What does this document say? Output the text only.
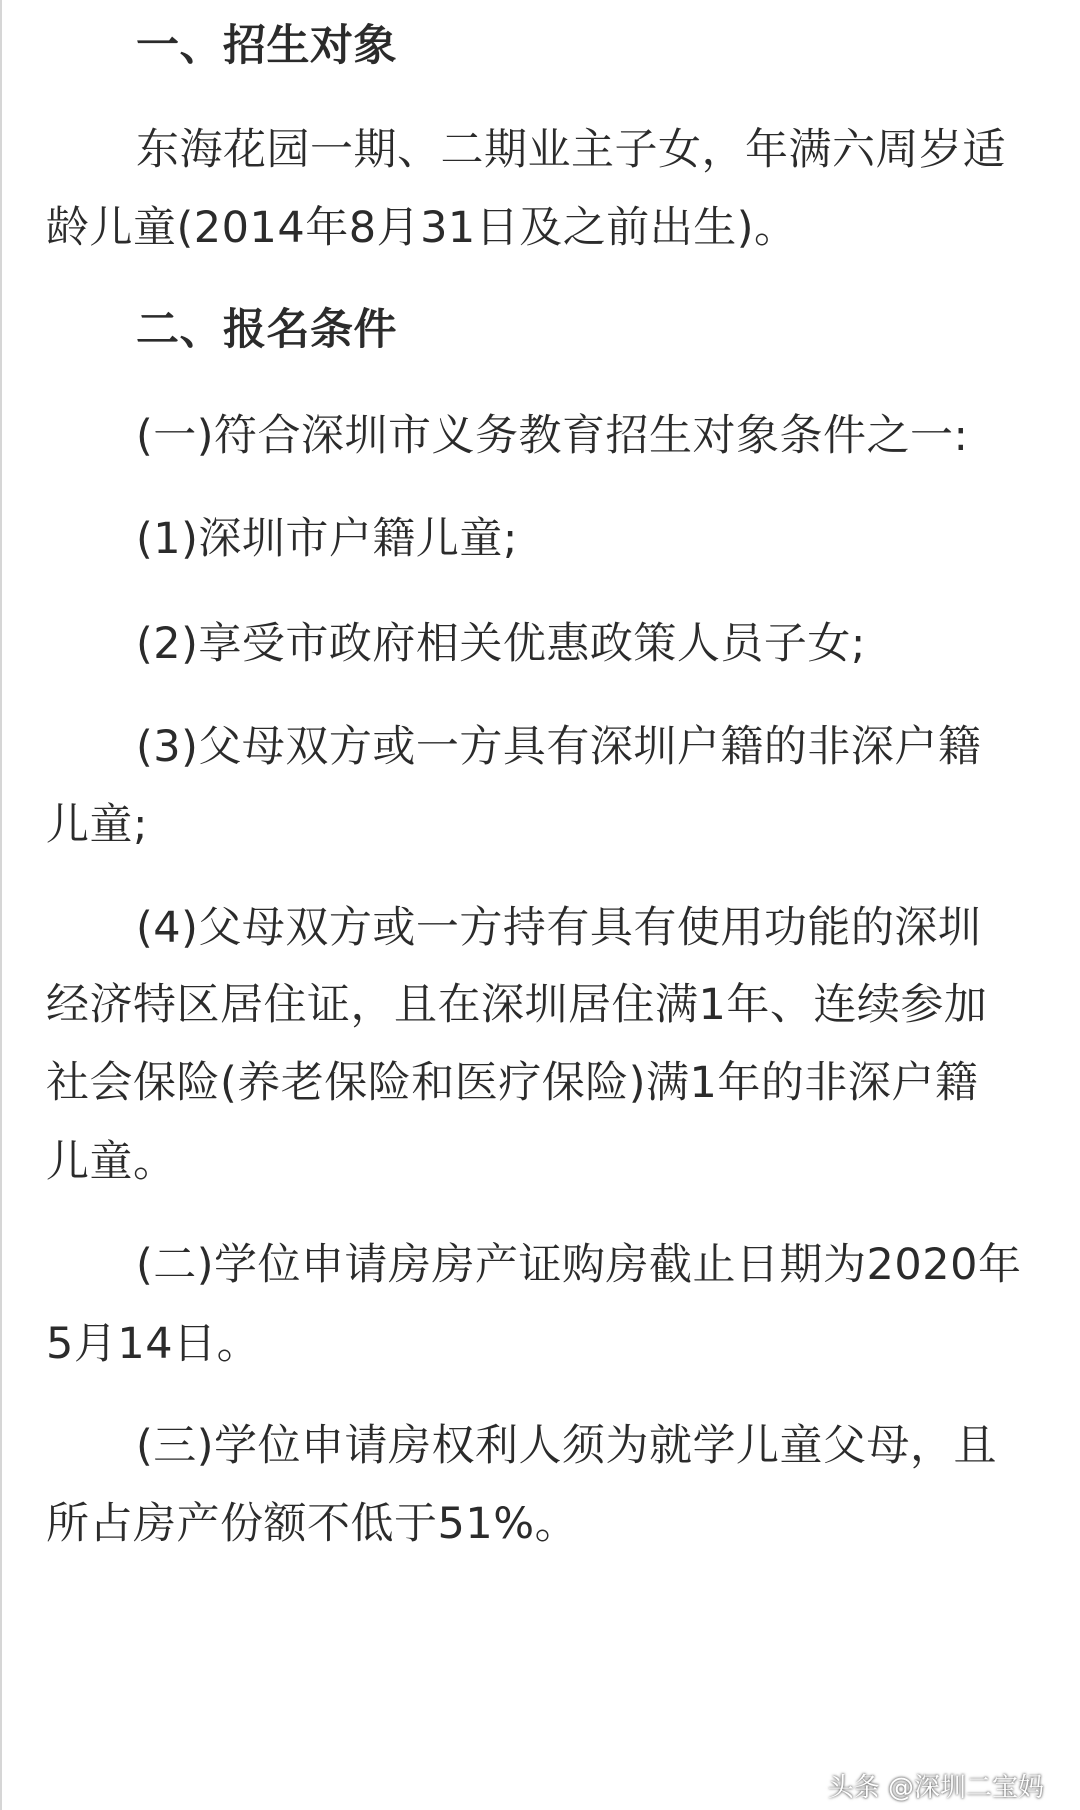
一、招生对象
东海花园一期、二期业主子女，年满六周岁适
龄儿童(2014年8月31日及之前出生)。
二、报名条件
(一)符合深圳市义务教育招生对象条件之一:
(1)深圳市户籍儿童;
(2)享受市政府相关优惠政策人员子女;
(3)父母双方或一方具有深圳户籍的非深户籍
儿童;
(4)父母双方或一方持有具有使用功能的深圳
经济特区居住证，且在深圳居住满1年、连续参加
社会保险(养老保险和医疗保险)满1年的非深户籍
儿童。
(二)学位申请房房产证购房截止日期为2020年
5月14日。
(三)学位申请房权利人须为就学儿童父母，且
所占房产份额不低于51%。
头条 @深圳二宝妈
